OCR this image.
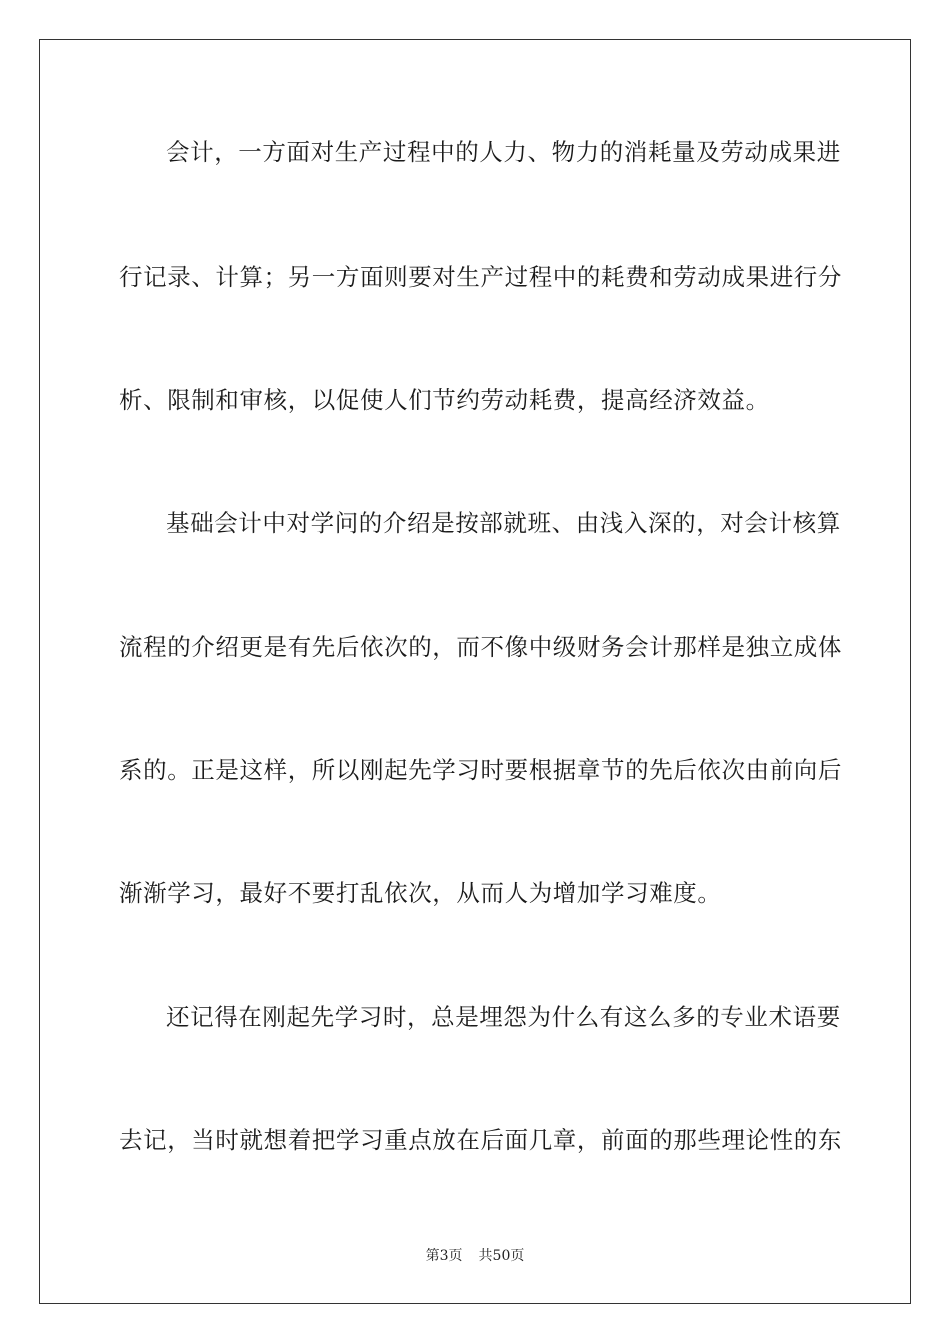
会计，一方面对生产过程中的人力、物力的消耗量及劳动成果进
行记录、计算；另一方面则要对生产过程中的耗费和劳动成果进行分
析、限制和审核，以促使人们节约劳动耗费，提高经济效益。
基础会计中对学问的介绍是按部就班、由浅入深的，对会计核算
流程的介绍更是有先后依次的，而不像中级财务会计那样是独立成体
系的。正是这样，所以刚起先学习时要根据章节的先后依次由前向后
渐渐学习，最好不要打乱依次，从而人为增加学习难度。
还记得在刚起先学习时，总是埋怨为什么有这么多的专业术语要
去记，当时就想着把学习重点放在后面几章，前面的那些理论性的东
第3页 共50页
